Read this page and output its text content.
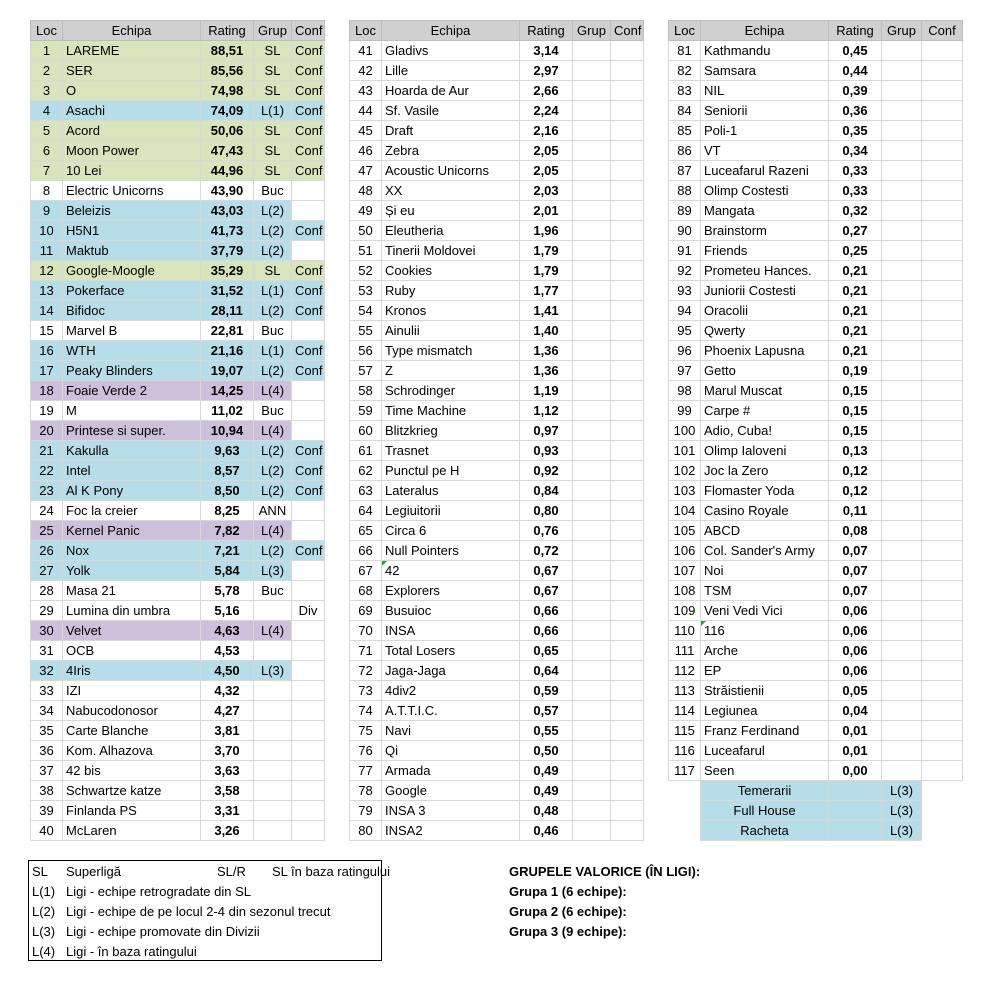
Loc	Echipa	Rating	Grup	Conf
1	LAREME	88,51	SL	Conf
2	SER	85,56	SL	Conf
3	O	74,98	SL	Conf
4	Asachi	74,09	L(1)	Conf
5	Acord	50,06	SL	Conf
6	Moon Power	47,43	SL	Conf
7	10 Lei	44,96	SL	Conf
8	Electric Unicorns	43,90	Buc	
9	Beleizis	43,03	L(2)	
10	H5N1	41,73	L(2)	Conf
11	Maktub	37,79	L(2)	
12	Google-Moogle	35,29	SL	Conf
13	Pokerface	31,52	L(1)	Conf
14	Bifidoc	28,11	L(2)	Conf
15	Marvel B	22,81	Buc	
16	WTH	21,16	L(1)	Conf
17	Peaky Blinders	19,07	L(2)	Conf
18	Foaie Verde 2	14,25	L(4)	
19	M	11,02	Buc	
20	Printese si super.	10,94	L(4)	
21	Kakulla	9,63	L(2)	Conf
22	Intel	8,57	L(2)	Conf
23	Al K Pony	8,50	L(2)	Conf
24	Foc la creier	8,25	ANN	
25	Kernel Panic	7,82	L(4)	
26	Nox	7,21	L(2)	Conf
27	Yolk	5,84	L(3)	
28	Masa 21	5,78	Buc	
29	Lumina din umbra	5,16		Div
30	Velvet	4,63	L(4)	
31	OCB	4,53		
32	4Iris	4,50	L(3)	
33	IZI	4,32		
34	Nabucodonosor	4,27		
35	Carte Blanche	3,81		
36	Kom. Alhazova	3,70		
37	42 bis	3,63		
38	Schwartze katze	3,58		
39	Finlanda PS	3,31		
40	McLaren	3,26		
Loc	Echipa	Rating	Grup	Conf
41	Gladivs	3,14		
42	Lille	2,97		
43	Hoarda de Aur	2,66		
44	Sf. Vasile	2,24		
45	Draft	2,16		
46	Zebra	2,05		
47	Acoustic Unicorns	2,05		
48	XX	2,03		
49	Și eu	2,01		
50	Eleutheria	1,96		
51	Tinerii Moldovei	1,79		
52	Cookies	1,79		
53	Ruby	1,77		
54	Kronos	1,41		
55	Ainulii	1,40		
56	Type mismatch	1,36		
57	Z	1,36		
58	Schrodinger	1,19		
59	Time Machine	1,12		
60	Blitzkrieg	0,97		
61	Trasnet	0,93		
62	Punctul pe H	0,92		
63	Lateralus	0,84		
64	Legiuitorii	0,80		
65	Circa 6	0,76		
66	Null Pointers	0,72		
67	42	0,67		
68	Explorers	0,67		
69	Busuioc	0,66		
70	INSA	0,66		
71	Total Losers	0,65		
72	Jaga-Jaga	0,64		
73	4div2	0,59		
74	A.T.T.I.C.	0,57		
75	Navi	0,55		
76	Qi	0,50		
77	Armada	0,49		
78	Google	0,49		
79	INSA 3	0,48		
80	INSA2	0,46		
Loc	Echipa	Rating	Grup	Conf
81	Kathmandu	0,45		
82	Samsara	0,44		
83	NIL	0,39		
84	Seniorii	0,36		
85	Poli-1	0,35		
86	VT	0,34		
87	Luceafarul Razeni	0,33		
88	Olimp Costesti	0,33		
89	Mangata	0,32		
90	Brainstorm	0,27		
91	Friends	0,25		
92	Prometeu Hances.	0,21		
93	Juniorii Costesti	0,21		
94	Oracolii	0,21		
95	Qwerty	0,21		
96	Phoenix Lapusna	0,21		
97	Getto	0,19		
98	Marul Muscat	0,15		
99	Carpe #	0,15		
100	Adio, Cuba!	0,15		
101	Olimp Ialoveni	0,13		
102	Joc la Zero	0,12		
103	Flomaster Yoda	0,12		
104	Casino Royale	0,11		
105	ABCD	0,08		
106	Col. Sander's Army	0,07		
107	Noi	0,07		
108	TSM	0,07		
109	Veni Vedi Vici	0,06		
110	116	0,06		
111	Arche	0,06		
112	EP	0,06		
113	Străistienii	0,05		
114	Legiunea	0,04		
115	Franz Ferdinand	0,01		
116	Luceafarul	0,01		
117	Seen	0,00		
	Temerarii		L(3)	
	Full House		L(3)	
	Racheta		L(3)	
SL Superligă	SL/R SL în baza ratingului
L(1) Ligi - echipe retrogradate din SL
L(2) Ligi - echipe de pe locul 2-4 din sezonul trecut
L(3) Ligi - echipe promovate din Divizii
L(4) Ligi - în baza ratingului
GRUPELE VALORICE (ÎN LIGI):
Grupa 1 (6 echipe):
Grupa 2 (6 echipe):
Grupa 3 (9 echipe):
